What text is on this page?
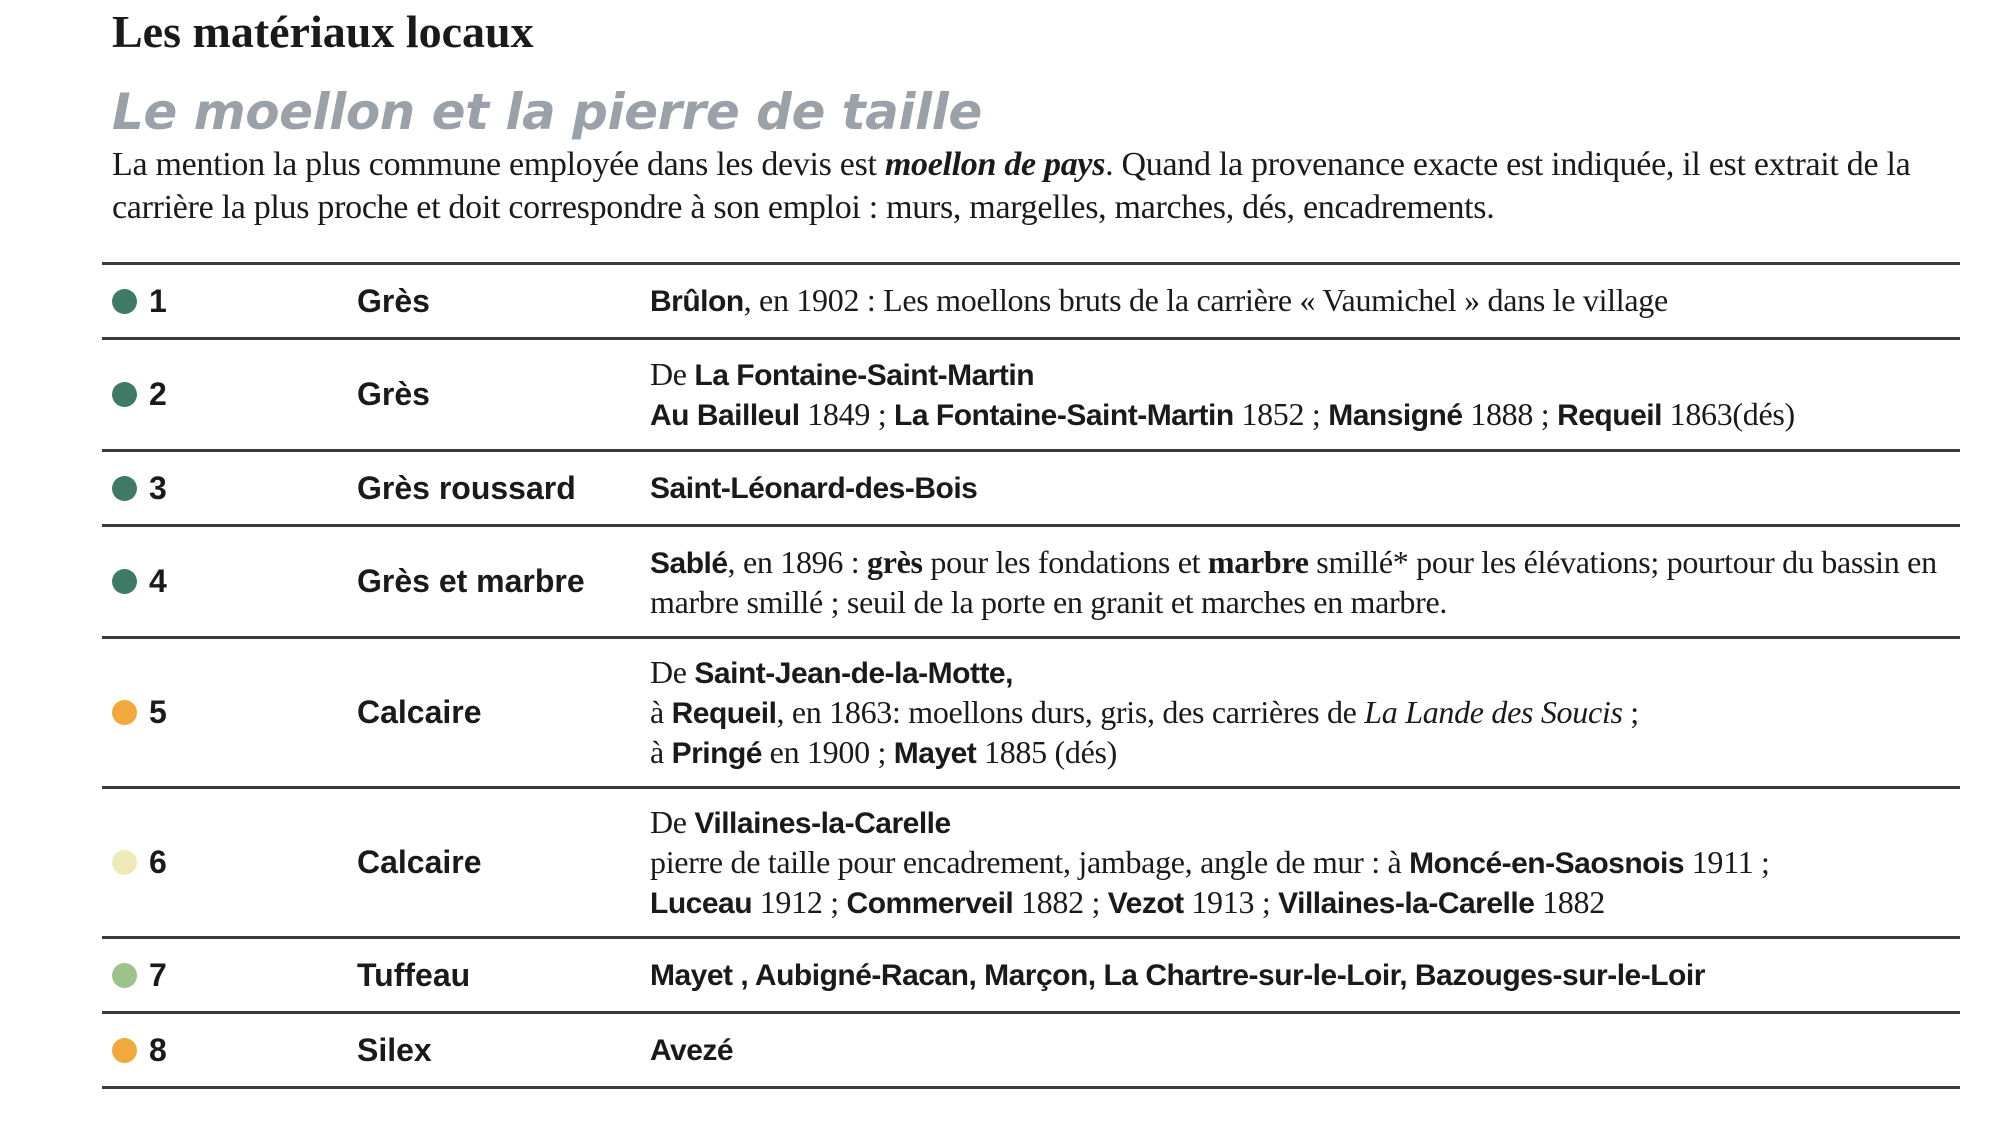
Les matériaux locaux
Le moellon et la pierre de taille

La mention la plus commune employée dans les devis est moellon de pays. Quand la provenance exacte est indiquée, il est extrait de la carrière la plus proche et doit correspondre à son emploi : murs, margelles, marches, dés, encadrements.

1	Grès	Brûlon, en 1902 : Les moellons bruts de la carrière « Vaumichel » dans le village
2	Grès
De La Fontaine-Saint-Martin
Au Bailleul 1849 ; La Fontaine-Saint-Martin 1852 ; Mansigné 1888 ; Requeil 1863(dés)
3	Grès roussard	Saint-Léonard-des-Bois
4	Grès et marbre	Sablé, en 1896 : grès pour les fondations et marbre smillé* pour les élévations; pourtour du bassin en marbre smillé ; seuil de la porte en granit et marches en marbre.
5	Calcaire
De Saint-Jean-de-la-Motte,
à Requeil, en 1863: moellons durs, gris, des carrières de La Lande des Soucis ;
à Pringé en 1900 ; Mayet 1885 (dés)
6	Calcaire
De Villaines-la-Carelle
pierre de taille pour encadrement, jambage, angle de mur : à Moncé-en-Saosnois 1911 ;
Luceau 1912 ; Commerveil 1882 ; Vezot 1913 ; Villaines-la-Carelle 1882
7	Tuffeau	Mayet , Aubigné-Racan, Marçon, La Chartre-sur-le-Loir, Bazouges-sur-le-Loir
8	Silex	Avezé
